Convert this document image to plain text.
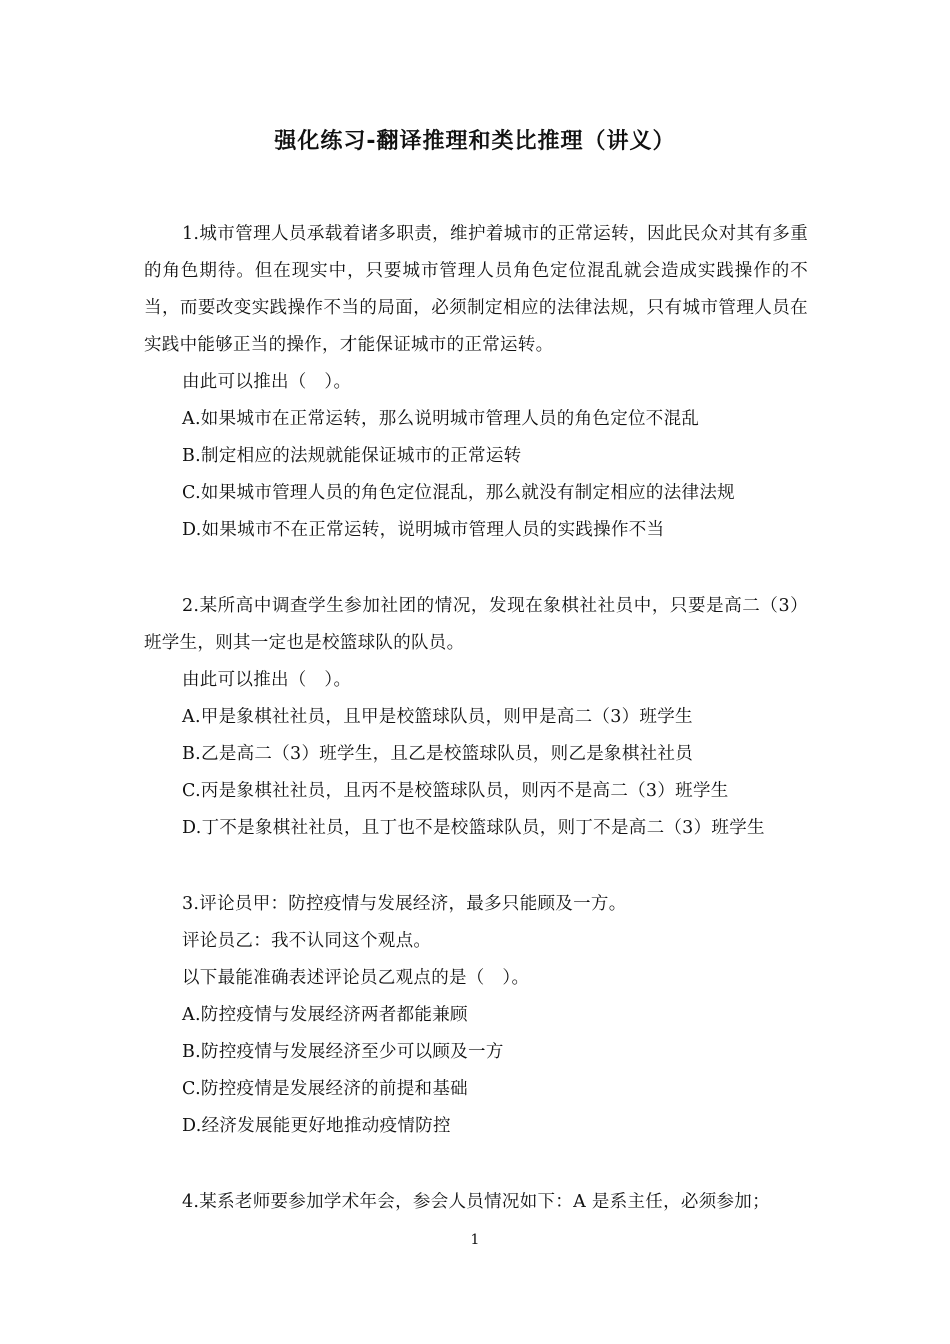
强化练习-翻译推理和类比推理（讲义）

1.城市管理人员承载着诸多职责，维护着城市的正常运转，因此民众对其有多重的角色期待。但在现实中，只要城市管理人员角色定位混乱就会造成实践操作的不当，而要改变实践操作不当的局面，必须制定相应的法律法规，只有城市管理人员在实践中能够正当的操作，才能保证城市的正常运转。

由此可以推出（　）。
A.如果城市在正常运转，那么说明城市管理人员的角色定位不混乱
B.制定相应的法规就能保证城市的正常运转
C.如果城市管理人员的角色定位混乱，那么就没有制定相应的法律法规
D.如果城市不在正常运转，说明城市管理人员的实践操作不当

2.某所高中调查学生参加社团的情况，发现在象棋社社员中，只要是高二（3）班学生，则其一定也是校篮球队的队员。

由此可以推出（　）。
A.甲是象棋社社员，且甲是校篮球队员，则甲是高二（3）班学生
B.乙是高二（3）班学生，且乙是校篮球队员，则乙是象棋社社员
C.丙是象棋社社员，且丙不是校篮球队员，则丙不是高二（3）班学生
D.丁不是象棋社社员，且丁也不是校篮球队员，则丁不是高二（3）班学生
3.评论员甲：防控疫情与发展经济，最多只能顾及一方。
评论员乙：我不认同这个观点。
以下最能准确表述评论员乙观点的是（　）。
A.防控疫情与发展经济两者都能兼顾
B.防控疫情与发展经济至少可以顾及一方
C.防控疫情是发展经济的前提和基础
D.经济发展能更好地推动疫情防控
4.某系老师要参加学术年会，参会人员情况如下：A 是系主任，必须参加；
1
